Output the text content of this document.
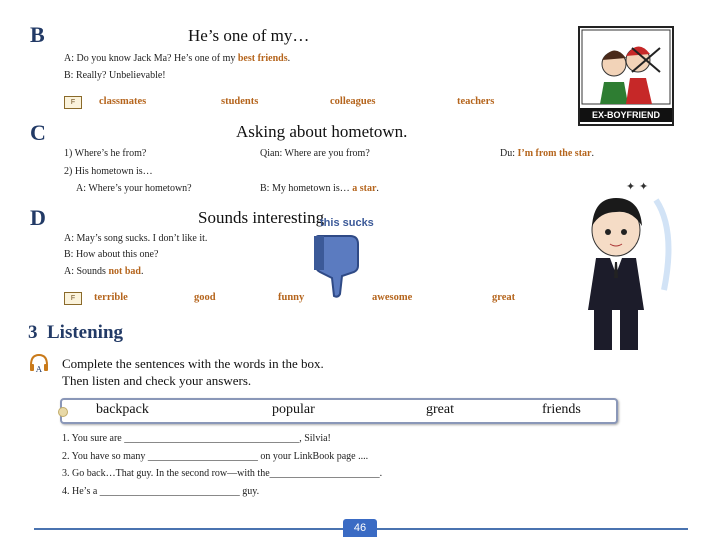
B	He’s one of my…
A: Do you know Jack Ma? He’s one of my best friends.
B: Really? Unbelievable!
F	classmates	students	colleagues	teachers
EX-BOYFRIEND
C	Asking about hometown.
1) Where’s he from?	Qian: Where are you from?	Du: I’m from the star.
2) His hometown is…
A: Where’s your hometown?	B: My hometown is… a star.	✦ ✦
D	Sounds interesting
this sucks
A: May’s song sucks. I don’t like it.
B: How about this one?
A: Sounds not bad.
F	terrible	good	funny	awesome	great
3 Listening
A Complete the sentences with the words in the box.
Then listen and check your answers.
backpack	popular	great	friends
1. You sure are ___________________________________, Silvia!
2. You have so many ______________________ on your LinkBook page ....
3. Go back…That guy. In the second row—with the______________________.
4. He’s a ____________________________ guy.
46
